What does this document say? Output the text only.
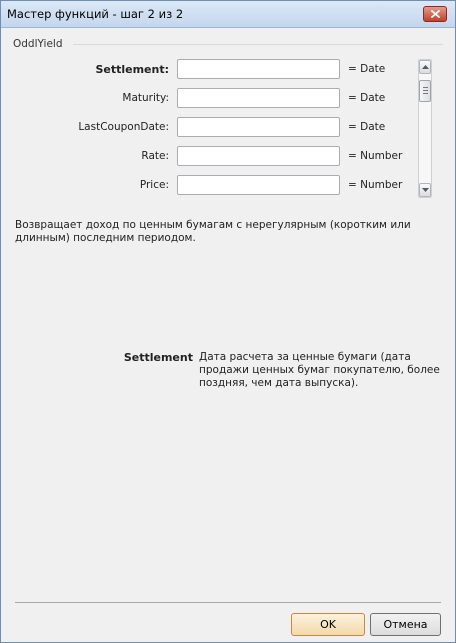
Мастер функций - шаг 2 из 2
OddlYield
Settlement:	= Date
Maturity:	= Date
LastCouponDate:	= Date
Rate:	= Number
Price:	= Number
Возвращает доход по ценным бумагам с нерегулярным (коротким или длинным) последним периодом.
Settlement Дата расчета за ценные бумаги (дата продажи ценных бумаг покупателю, более поздняя, чем дата выпуска).
OK	Отмена
